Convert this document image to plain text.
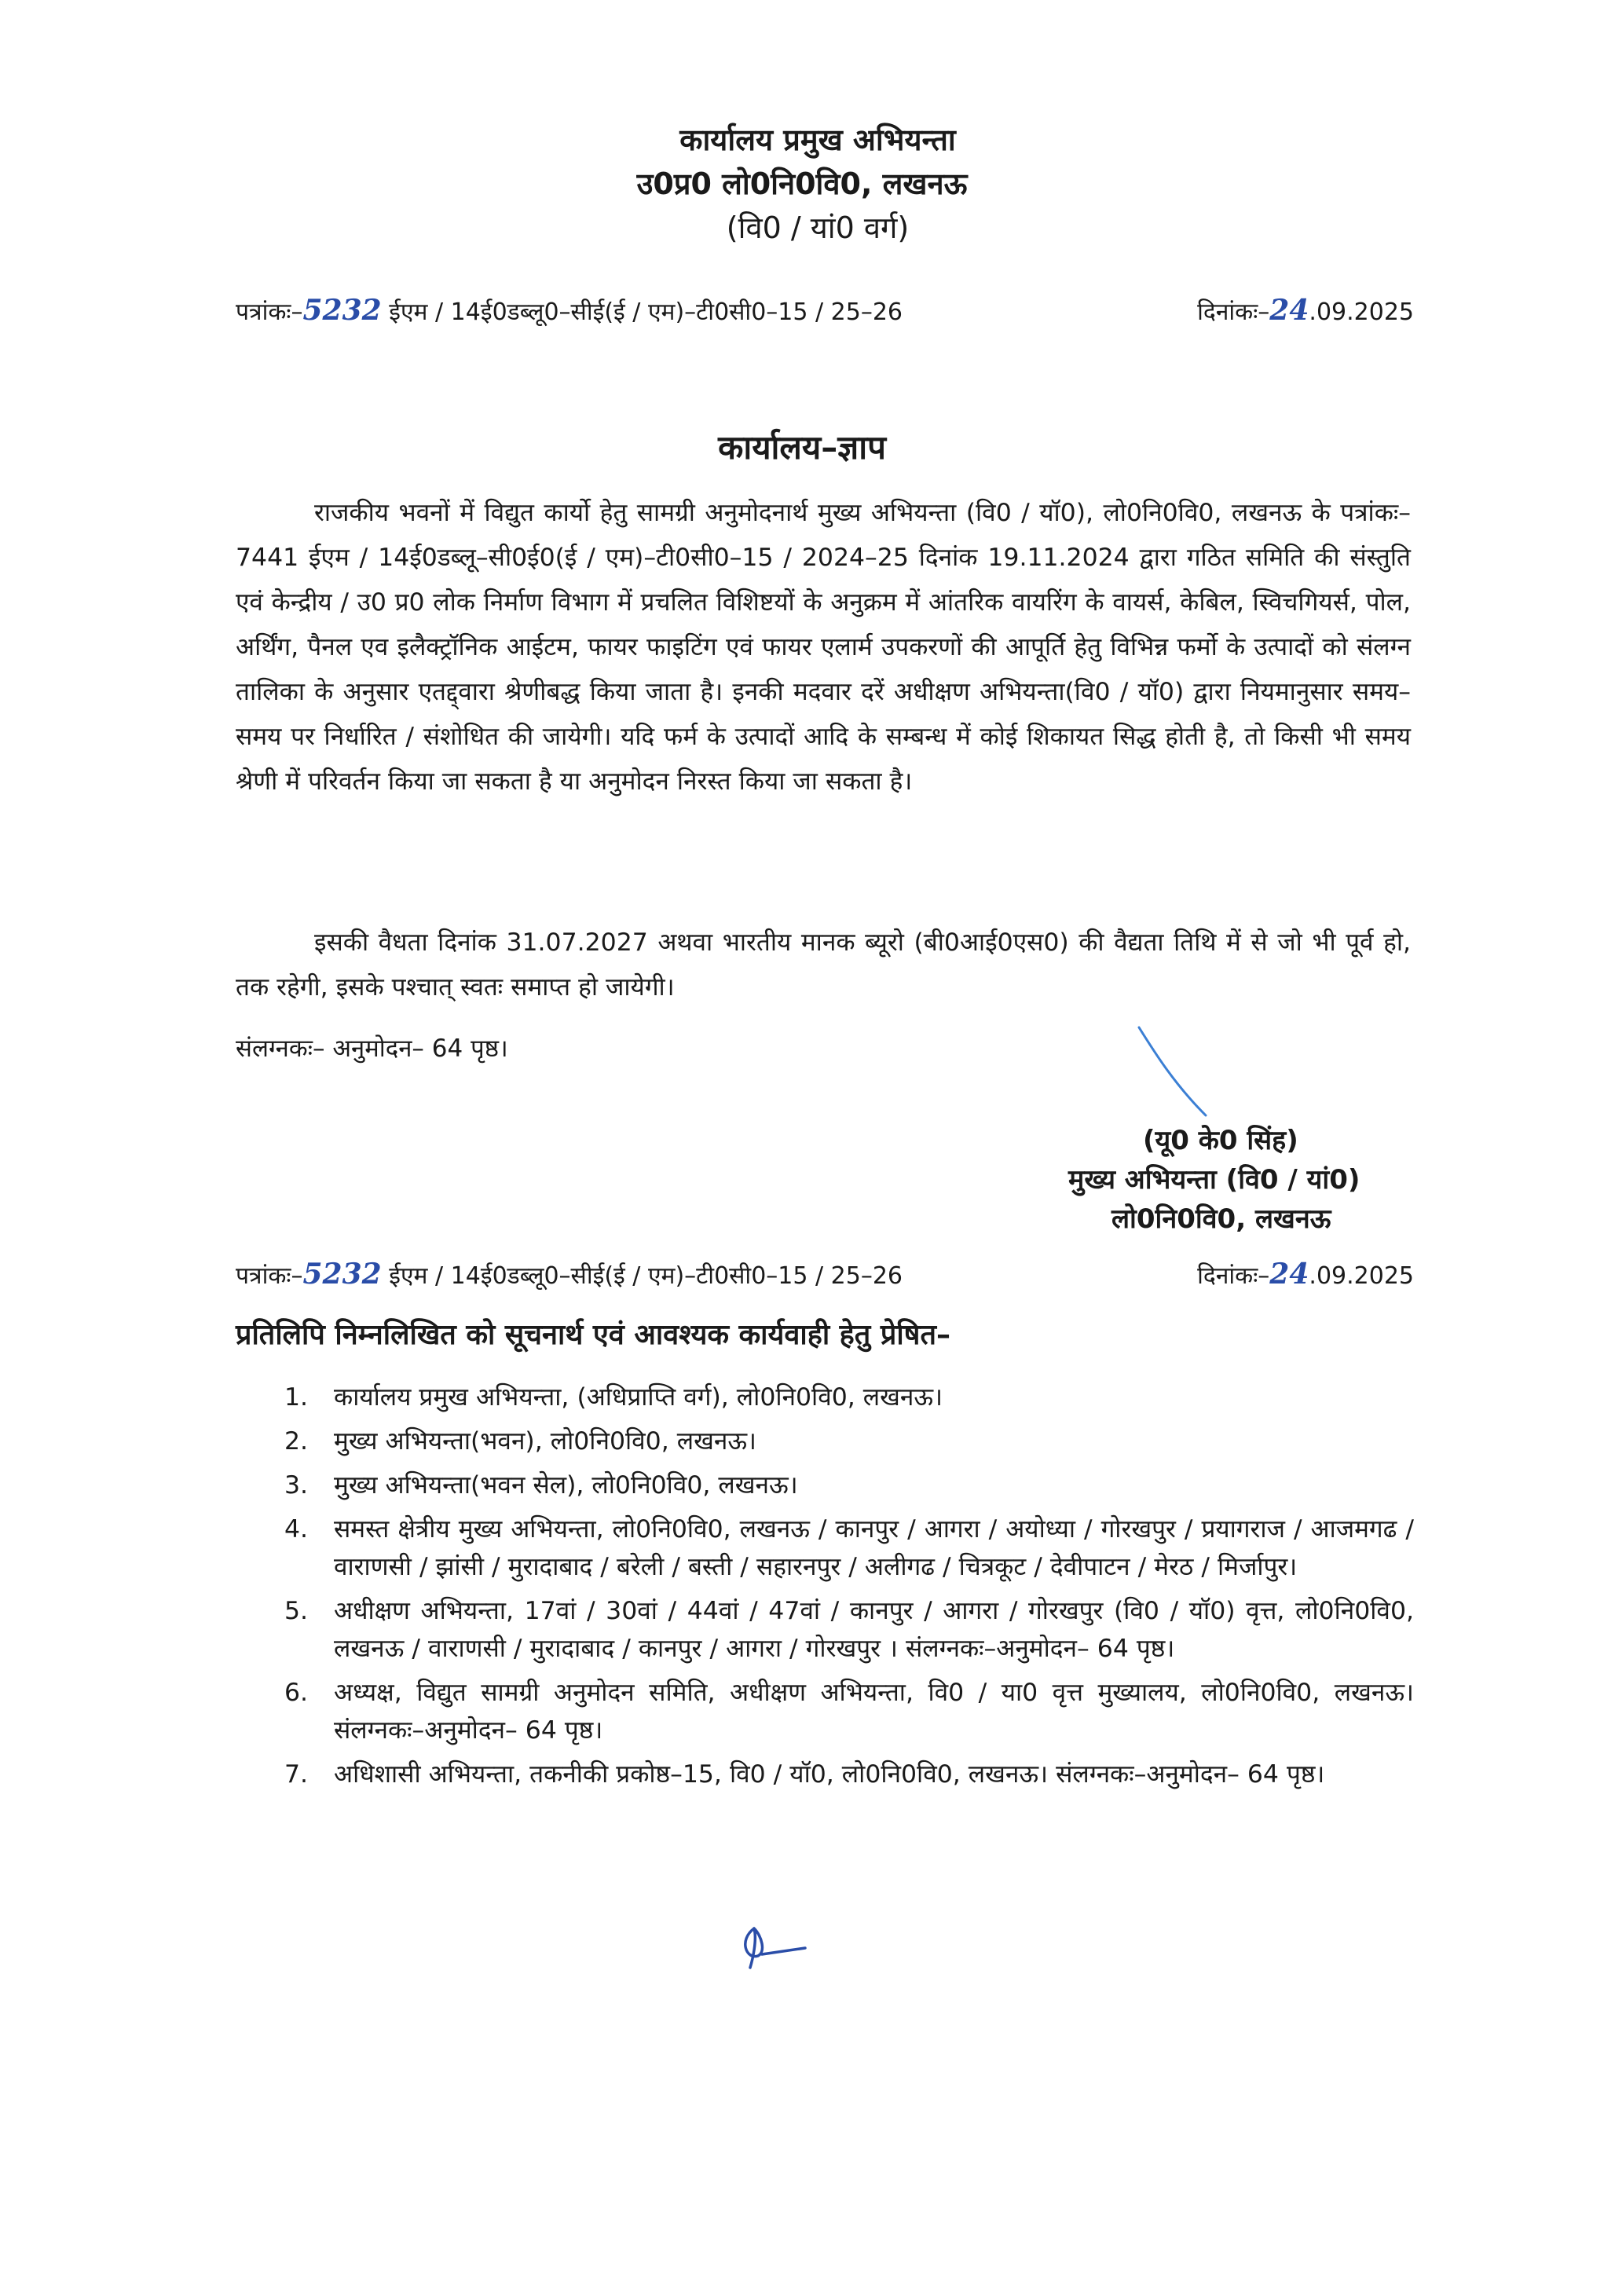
कार्यालय प्रमुख अभियन्ता
उ0प्र0 लो0नि0वि0, लखनऊ
(वि0 / यां0 वर्ग)
पत्रांकः–5232 ईएम / 14ई0डब्लू0–सीई(ई / एम)–टी0सी0–15 / 25–26	दिनांकः–24.09.2025
कार्यालय–ज्ञाप
राजकीय भवनों में विद्युत कार्यो हेतु सामग्री अनुमोदनार्थ मुख्य अभियन्ता (वि0 / यॉ0), लो0नि0वि0, लखनऊ के पत्रांकः–7441 ईएम / 14ई0डब्लू–सी0ई0(ई / एम)–टी0सी0–15 / 2024–25 दिनांक 19.11.2024 द्वारा गठित समिति की संस्तुति एवं केन्द्रीय / उ0 प्र0 लोक निर्माण विभाग में प्रचलित विशिष्टयों के अनुक्रम में आंतरिक वायरिंग के वायर्स, केबिल, स्विचगियर्स, पोल, अर्थिंग, पैनल एव इलैक्ट्रॉनिक आईटम, फायर फाइटिंग एवं फायर एलार्म उपकरणों की आपूर्ति हेतु विभिन्न फर्मो के उत्पादों को संलग्न तालिका के अनुसार एतद्द्वारा श्रेणीबद्ध किया जाता है। इनकी मदवार दरें अधीक्षण अभियन्ता(वि0 / यॉ0) द्वारा नियमानुसार समय–समय पर निर्धारित / संशोधित की जायेगी। यदि फर्म के उत्पादों आदि के सम्बन्ध में कोई शिकायत सिद्ध होती है, तो किसी भी समय श्रेणी में परिवर्तन किया जा सकता है या अनुमोदन निरस्त किया जा सकता है।
इसकी वैधता दिनांक 31.07.2027 अथवा भारतीय मानक ब्यूरो (बी0आई0एस0) की वैद्यता तिथि में से जो भी पूर्व हो, तक रहेगी, इसके पश्चात् स्वतः समाप्त हो जायेगी।
संलग्नकः– अनुमोदन– 64 पृष्ठ।
(यू0 के0 सिंह)
मुख्य अभियन्ता (वि0 / यां0)
लो0नि0वि0, लखनऊ
पत्रांकः–5232 ईएम / 14ई0डब्लू0–सीई(ई / एम)–टी0सी0–15 / 25–26	दिनांकः–24.09.2025
प्रतिलिपि निम्नलिखित को सूचनार्थ एवं आवश्यक कार्यवाही हेतु प्रेषित–
1. कार्यालय प्रमुख अभियन्ता, (अधिप्राप्ति वर्ग), लो0नि0वि0, लखनऊ।
2. मुख्य अभियन्ता(भवन), लो0नि0वि0, लखनऊ।
3. मुख्य अभियन्ता(भवन सेल), लो0नि0वि0, लखनऊ।
4. समस्त क्षेत्रीय मुख्य अभियन्ता, लो0नि0वि0, लखनऊ / कानपुर / आगरा / अयोध्या / गोरखपुर / प्रयागराज / आजमगढ / वाराणसी / झांसी / मुरादाबाद / बरेली / बस्ती / सहारनपुर / अलीगढ / चित्रकूट / देवीपाटन / मेरठ / मिर्जापुर।
5. अधीक्षण अभियन्ता, 17वां / 30वां / 44वां / 47वां / कानपुर / आगरा / गोरखपुर (वि0 / यॉ0) वृत्त, लो0नि0वि0, लखनऊ / वाराणसी / मुरादाबाद / कानपुर / आगरा / गोरखपुर । संलग्नकः–अनुमोदन– 64 पृष्ठ।
6. अध्यक्ष, विद्युत सामग्री अनुमोदन समिति, अधीक्षण अभियन्ता, वि0 / या0 वृत्त मुख्यालय, लो0नि0वि0, लखनऊ। संलग्नकः–अनुमोदन– 64 पृष्ठ।
7. अधिशासी अभियन्ता, तकनीकी प्रकोष्ठ–15, वि0 / यॉ0, लो0नि0वि0, लखनऊ। संलग्नकः–अनुमोदन– 64 पृष्ठ।
